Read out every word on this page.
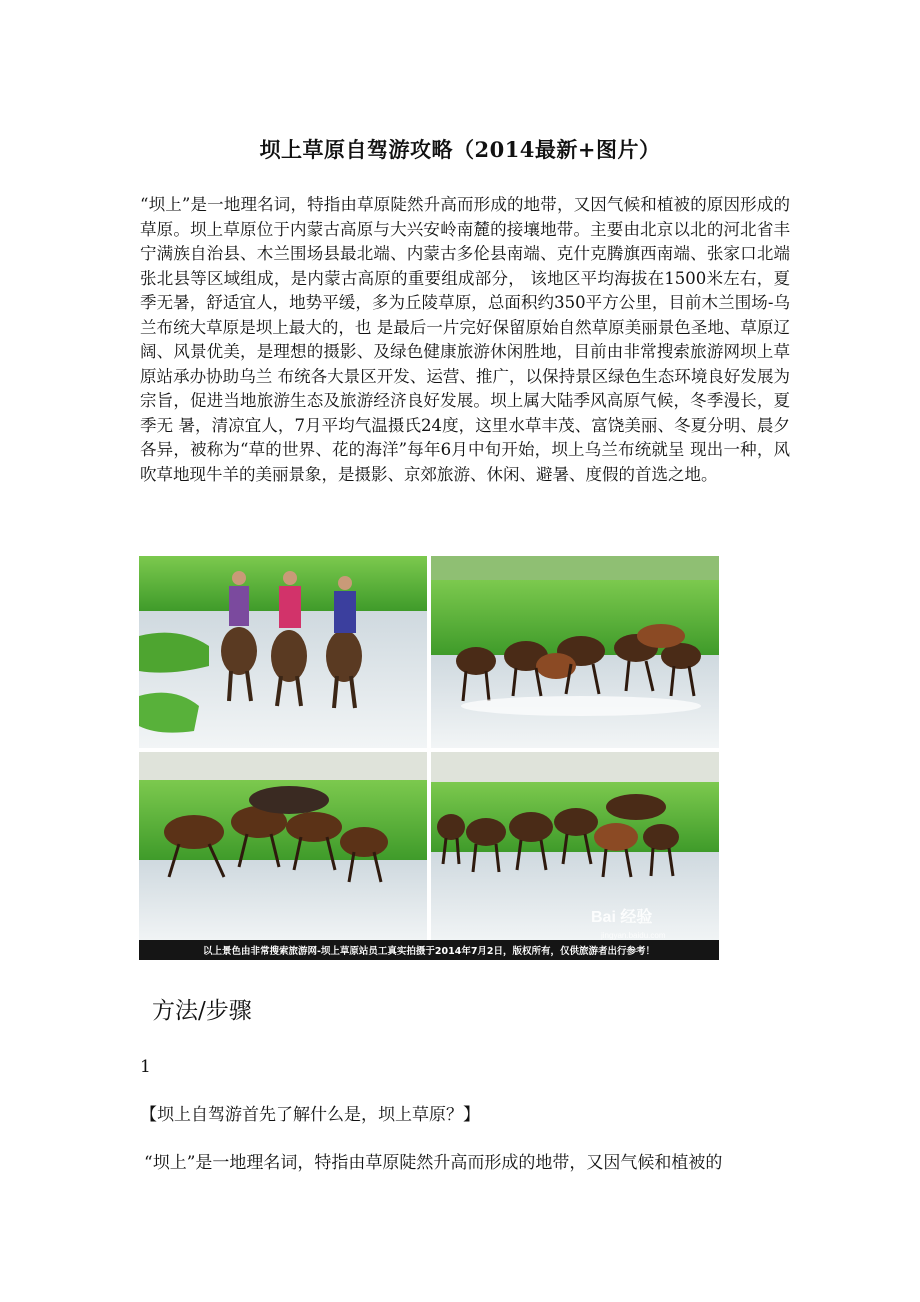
坝上草原自驾游攻略（2014最新+图片）
“坝上”是一地理名词，特指由草原陡然升高而形成的地带，又因气候和植被的原因形成的草原。坝上草原位于内蒙古高原与大兴安岭南麓的接壤地带。主要由北京以北的河北省丰宁满族自治县、木兰围场县最北端、内蒙古多伦县南端、克什克腾旗西南端、张家口北端张北县等区域组成，是内蒙古高原的重要组成部分， 该地区平均海拔在1500米左右，夏季无暑，舒适宜人，地势平缓，多为丘陵草原，总面积约350平方公里，目前木兰围场-乌兰布统大草原是坝上最大的，也 是最后一片完好保留原始自然草原美丽景色圣地、草原辽阔、风景优美，是理想的摄影、及绿色健康旅游休闲胜地，目前由非常搜索旅游网坝上草原站承办协助乌兰 布统各大景区开发、运营、推广，以保持景区绿色生态环境良好发展为宗旨，促进当地旅游生态及旅游经济良好发展。坝上属大陆季风高原气候，冬季漫长，夏季无 暑，清凉宜人，7月平均气温摄氏24度，这里水草丰茂、富饶美丽、冬夏分明、晨夕各异，被称为“草的世界、花的海洋”每年6月中旬开始，坝上乌兰布统就呈 现出一种，风吹草地现牛羊的美丽景象，是摄影、京郊旅游、休闲、避暑、度假的首选之地。
Bai 经验
jingyan.baidu.com
以上景色由非常搜索旅游网-坝上草原站员工真实拍摄于2014年7月2日，版权所有，仅供旅游者出行参考！
方法/步骤
1
【坝上自驾游首先了解什么是，坝上草原？】
“坝上”是一地理名词，特指由草原陡然升高而形成的地带，又因气候和植被的
